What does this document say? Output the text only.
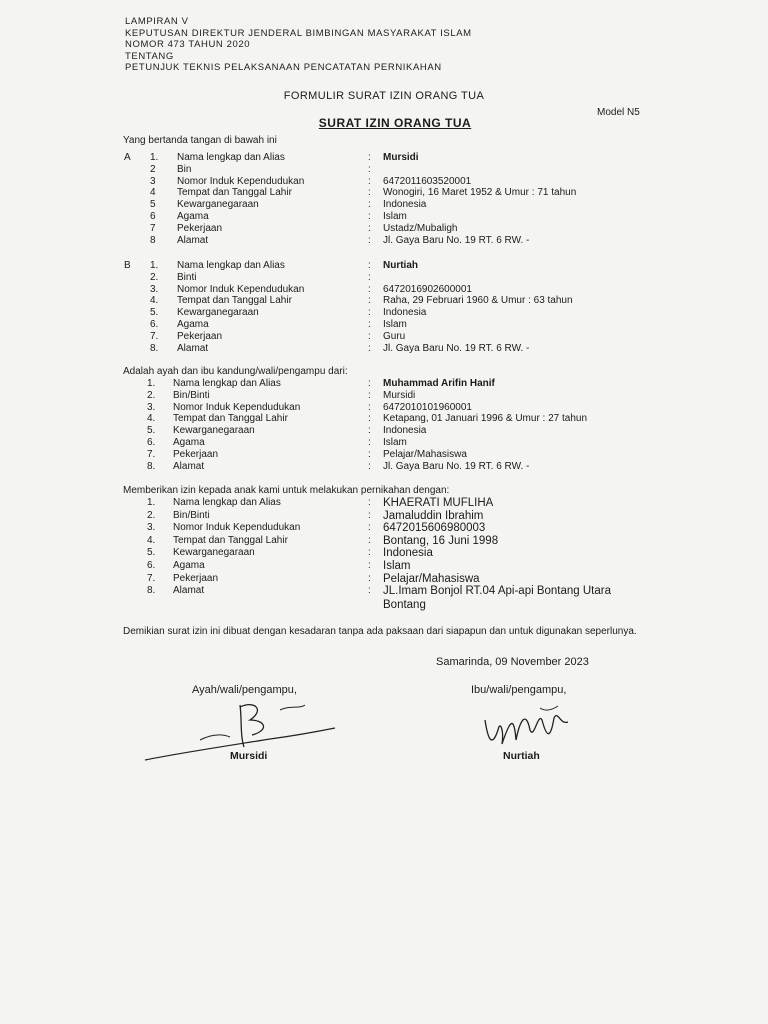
LAMPIRAN V
KEPUTUSAN DIREKTUR JENDERAL BIMBINGAN MASYARAKAT ISLAM
NOMOR 473 TAHUN 2020
TENTANG
PETUNJUK TEKNIS PELAKSANAAN PENCATATAN PERNIKAHAN
FORMULIR SURAT IZIN ORANG TUA
Model N5
SURAT IZIN ORANG TUA
Yang bertanda tangan di bawah ini
A 1. Nama lengkap dan Alias	: Mursidi
2 Bin	:
3 Nomor Induk Kependudukan	: 6472011603520001
4 Tempat dan Tanggal Lahir	: Wonogiri, 16 Maret 1952 & Umur : 71 tahun
5 Kewarganegaraan	: Indonesia
6 Agama	: Islam
7 Pekerjaan	: Ustadz/Mubaligh
8 Alamat	: Jl. Gaya Baru No. 19 RT. 6 RW. -
B 1. Nama lengkap dan Alias	: Nurtiah
2. Binti	:
3. Nomor Induk Kependudukan	: 6472016902600001
4. Tempat dan Tanggal Lahir	: Raha, 29 Februari 1960 & Umur : 63 tahun
5. Kewarganegaraan	: Indonesia
6. Agama	: Islam
7. Pekerjaan	: Guru
8. Alamat	: Jl. Gaya Baru No. 19 RT. 6 RW. -
Adalah ayah dan ibu kandung/wali/pengampu dari:
1. Nama lengkap dan Alias	: Muhammad Arifin Hanif
2. Bin/Binti	: Mursidi
3. Nomor Induk Kependudukan	: 6472010101960001
4. Tempat dan Tanggal Lahir	: Ketapang, 01 Januari 1996 & Umur : 27 tahun
5. Kewarganegaraan	: Indonesia
6. Agama	: Islam
7. Pekerjaan	: Pelajar/Mahasiswa
8. Alamat	: Jl. Gaya Baru No. 19 RT. 6 RW. -
Memberikan izin kepada anak kami untuk melakukan pernikahan dengan:
1. Nama lengkap dan Alias	: KHAERATI MUFLIHA
2. Bin/Binti	: Jamaluddin Ibrahim
3. Nomor Induk Kependudukan	: 6472015606980003
4. Tempat dan Tanggal Lahir	: Bontang, 16 Juni 1998
5. Kewarganegaraan	: Indonesia
6. Agama	: Islam
7. Pekerjaan	: Pelajar/Mahasiswa
8. Alamat	: JL.Imam Bonjol RT.04 Api-api Bontang Utara
Bontang
Demikian surat izin ini dibuat dengan kesadaran tanpa ada paksaan dari siapapun dan untuk digunakan seperlunya.
Samarinda, 09 November 2023
Ayah/wali/pengampu,	Ibu/wali/pengampu,
Mursidi	Nurtiah
